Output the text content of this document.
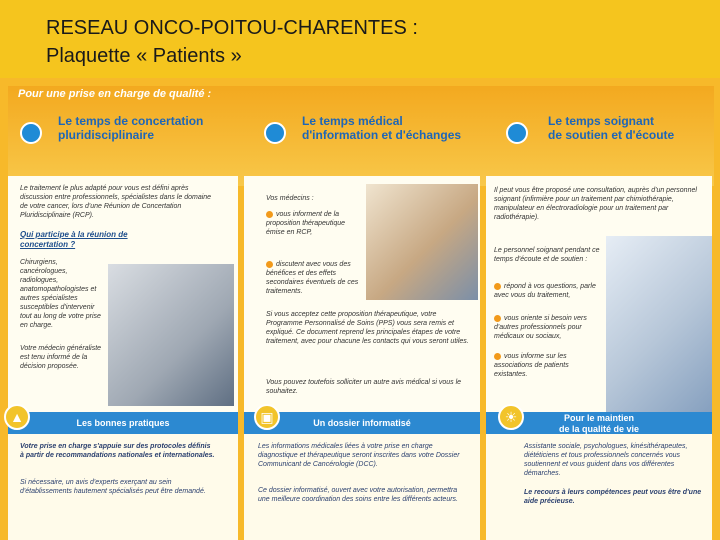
RESEAU ONCO-POITOU-CHARENTES :
Plaquette « Patients »
Pour une prise en charge de qualité :
Le temps de concertation
pluridisciplinaire
Le temps médical
d'information et d'échanges
Le temps soignant
de soutien et d'écoute
Le traitement le plus adapté pour vous est défini après discussion entre professionnels, spécialistes dans le domaine de votre cancer, lors d'une Réunion de Concertation Pluridisciplinaire (RCP).
Qui participe à la réunion de concertation ?
Chirurgiens, cancérologues, radiologues, anatomopathologistes et autres spécialistes susceptibles d'intervenir tout au long de votre prise en charge.
Votre médecin généraliste est tenu informé de la décision proposée.
Vos médecins :
vous informent de la proposition thérapeutique émise en RCP,
discutent avec vous des bénéfices et des effets secondaires éventuels de ces traitements.
Si vous acceptez cette proposition thérapeutique, votre Programme Personnalisé de Soins (PPS) vous sera remis et expliqué. Ce document reprend les principales étapes de votre traitement, avec pour chacune les contacts qui vous seront utiles.
Vous pouvez toutefois solliciter un autre avis médical si vous le souhaitez.
Il peut vous être proposé une consultation, auprès d'un personnel soignant (infirmière pour un traitement par chimiothérapie, manipulateur en électroradiologie pour un traitement par radiothérapie).
Le personnel soignant pendant ce temps d'écoute et de soutien :
répond à vos questions, parle avec vous du traitement,
vous oriente si besoin vers d'autres professionnels pour médicaux ou sociaux,
vous informe sur les associations de patients existantes.
Les bonnes pratiques
▲	Un dossier informatisé
▣	Pour le maintien
de la qualité de vie
☀
Votre prise en charge s'appuie sur des protocoles définis à partir de recommandations nationales et internationales.
Si nécessaire, un avis d'experts exerçant au sein d'établissements hautement spécialisés peut être demandé.
Les informations médicales liées à votre prise en charge diagnostique et thérapeutique seront inscrites dans votre Dossier Communicant de Cancérologie (DCC).
Ce dossier informatisé, ouvert avec votre autorisation, permettra une meilleure coordination des soins entre les différents acteurs.
Assistante sociale, psychologues, kinésithérapeutes, diététiciens et tous professionnels concernés vous soutiennent et vous guident dans vos différentes démarches.
Le recours à leurs compétences peut vous être d'une aide précieuse.
